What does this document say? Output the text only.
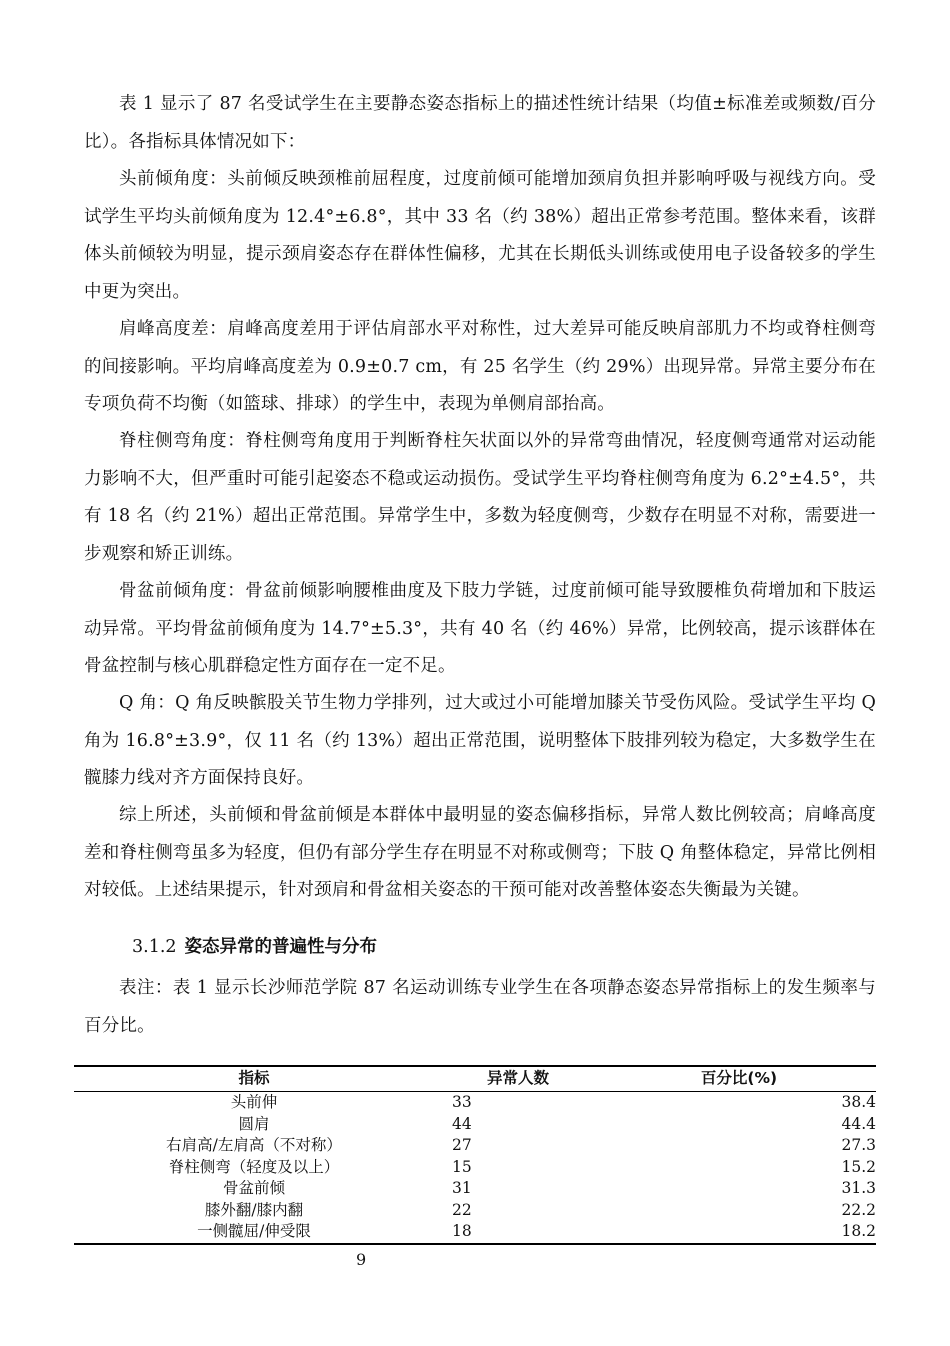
表 1 显示了 87 名受试学生在主要静态姿态指标上的描述性统计结果（均值±标准差或频数/百分比）。各指标具体情况如下：

头前倾角度：头前倾反映颈椎前屈程度，过度前倾可能增加颈肩负担并影响呼吸与视线方向。受试学生平均头前倾角度为 12.4°±6.8°，其中 33 名（约 38%）超出正常参考范围。整体来看，该群体头前倾较为明显，提示颈肩姿态存在群体性偏移，尤其在长期低头训练或使用电子设备较多的学生中更为突出。

肩峰高度差：肩峰高度差用于评估肩部水平对称性，过大差异可能反映肩部肌力不均或脊柱侧弯的间接影响。平均肩峰高度差为 0.9±0.7 cm，有 25 名学生（约 29%）出现异常。异常主要分布在专项负荷不均衡（如篮球、排球）的学生中，表现为单侧肩部抬高。

脊柱侧弯角度：脊柱侧弯角度用于判断脊柱矢状面以外的异常弯曲情况，轻度侧弯通常对运动能力影响不大，但严重时可能引起姿态不稳或运动损伤。受试学生平均脊柱侧弯角度为 6.2°±4.5°，共有 18 名（约 21%）超出正常范围。异常学生中，多数为轻度侧弯，少数存在明显不对称，需要进一步观察和矫正训练。

骨盆前倾角度：骨盆前倾影响腰椎曲度及下肢力学链，过度前倾可能导致腰椎负荷增加和下肢运动异常。平均骨盆前倾角度为 14.7°±5.3°，共有 40 名（约 46%）异常，比例较高，提示该群体在骨盆控制与核心肌群稳定性方面存在一定不足。

Q 角：Q 角反映髌股关节生物力学排列，过大或过小可能增加膝关节受伤风险。受试学生平均 Q 角为 16.8°±3.9°，仅 11 名（约 13%）超出正常范围，说明整体下肢排列较为稳定，大多数学生在髋膝力线对齐方面保持良好。

综上所述，头前倾和骨盆前倾是本群体中最明显的姿态偏移指标，异常人数比例较高；肩峰高度差和脊柱侧弯虽多为轻度，但仍有部分学生存在明显不对称或侧弯；下肢 Q 角整体稳定，异常比例相对较低。上述结果提示，针对颈肩和骨盆相关姿态的干预可能对改善整体姿态失衡最为关键。

3.1.2 姿态异常的普遍性与分布

表注：表 1 显示长沙师范学院 87 名运动训练专业学生在各项静态姿态异常指标上的发生频率与百分比。

指标	异常人数	百分比(%)
头前伸	33	38.4
圆肩	44	44.4
右肩高/左肩高（不对称）	27	27.3
脊柱侧弯（轻度及以上）	15	15.2
骨盆前倾	31	31.3
膝外翻/膝内翻	22	22.2
一侧髋屈/伸受限	18	18.2
9
